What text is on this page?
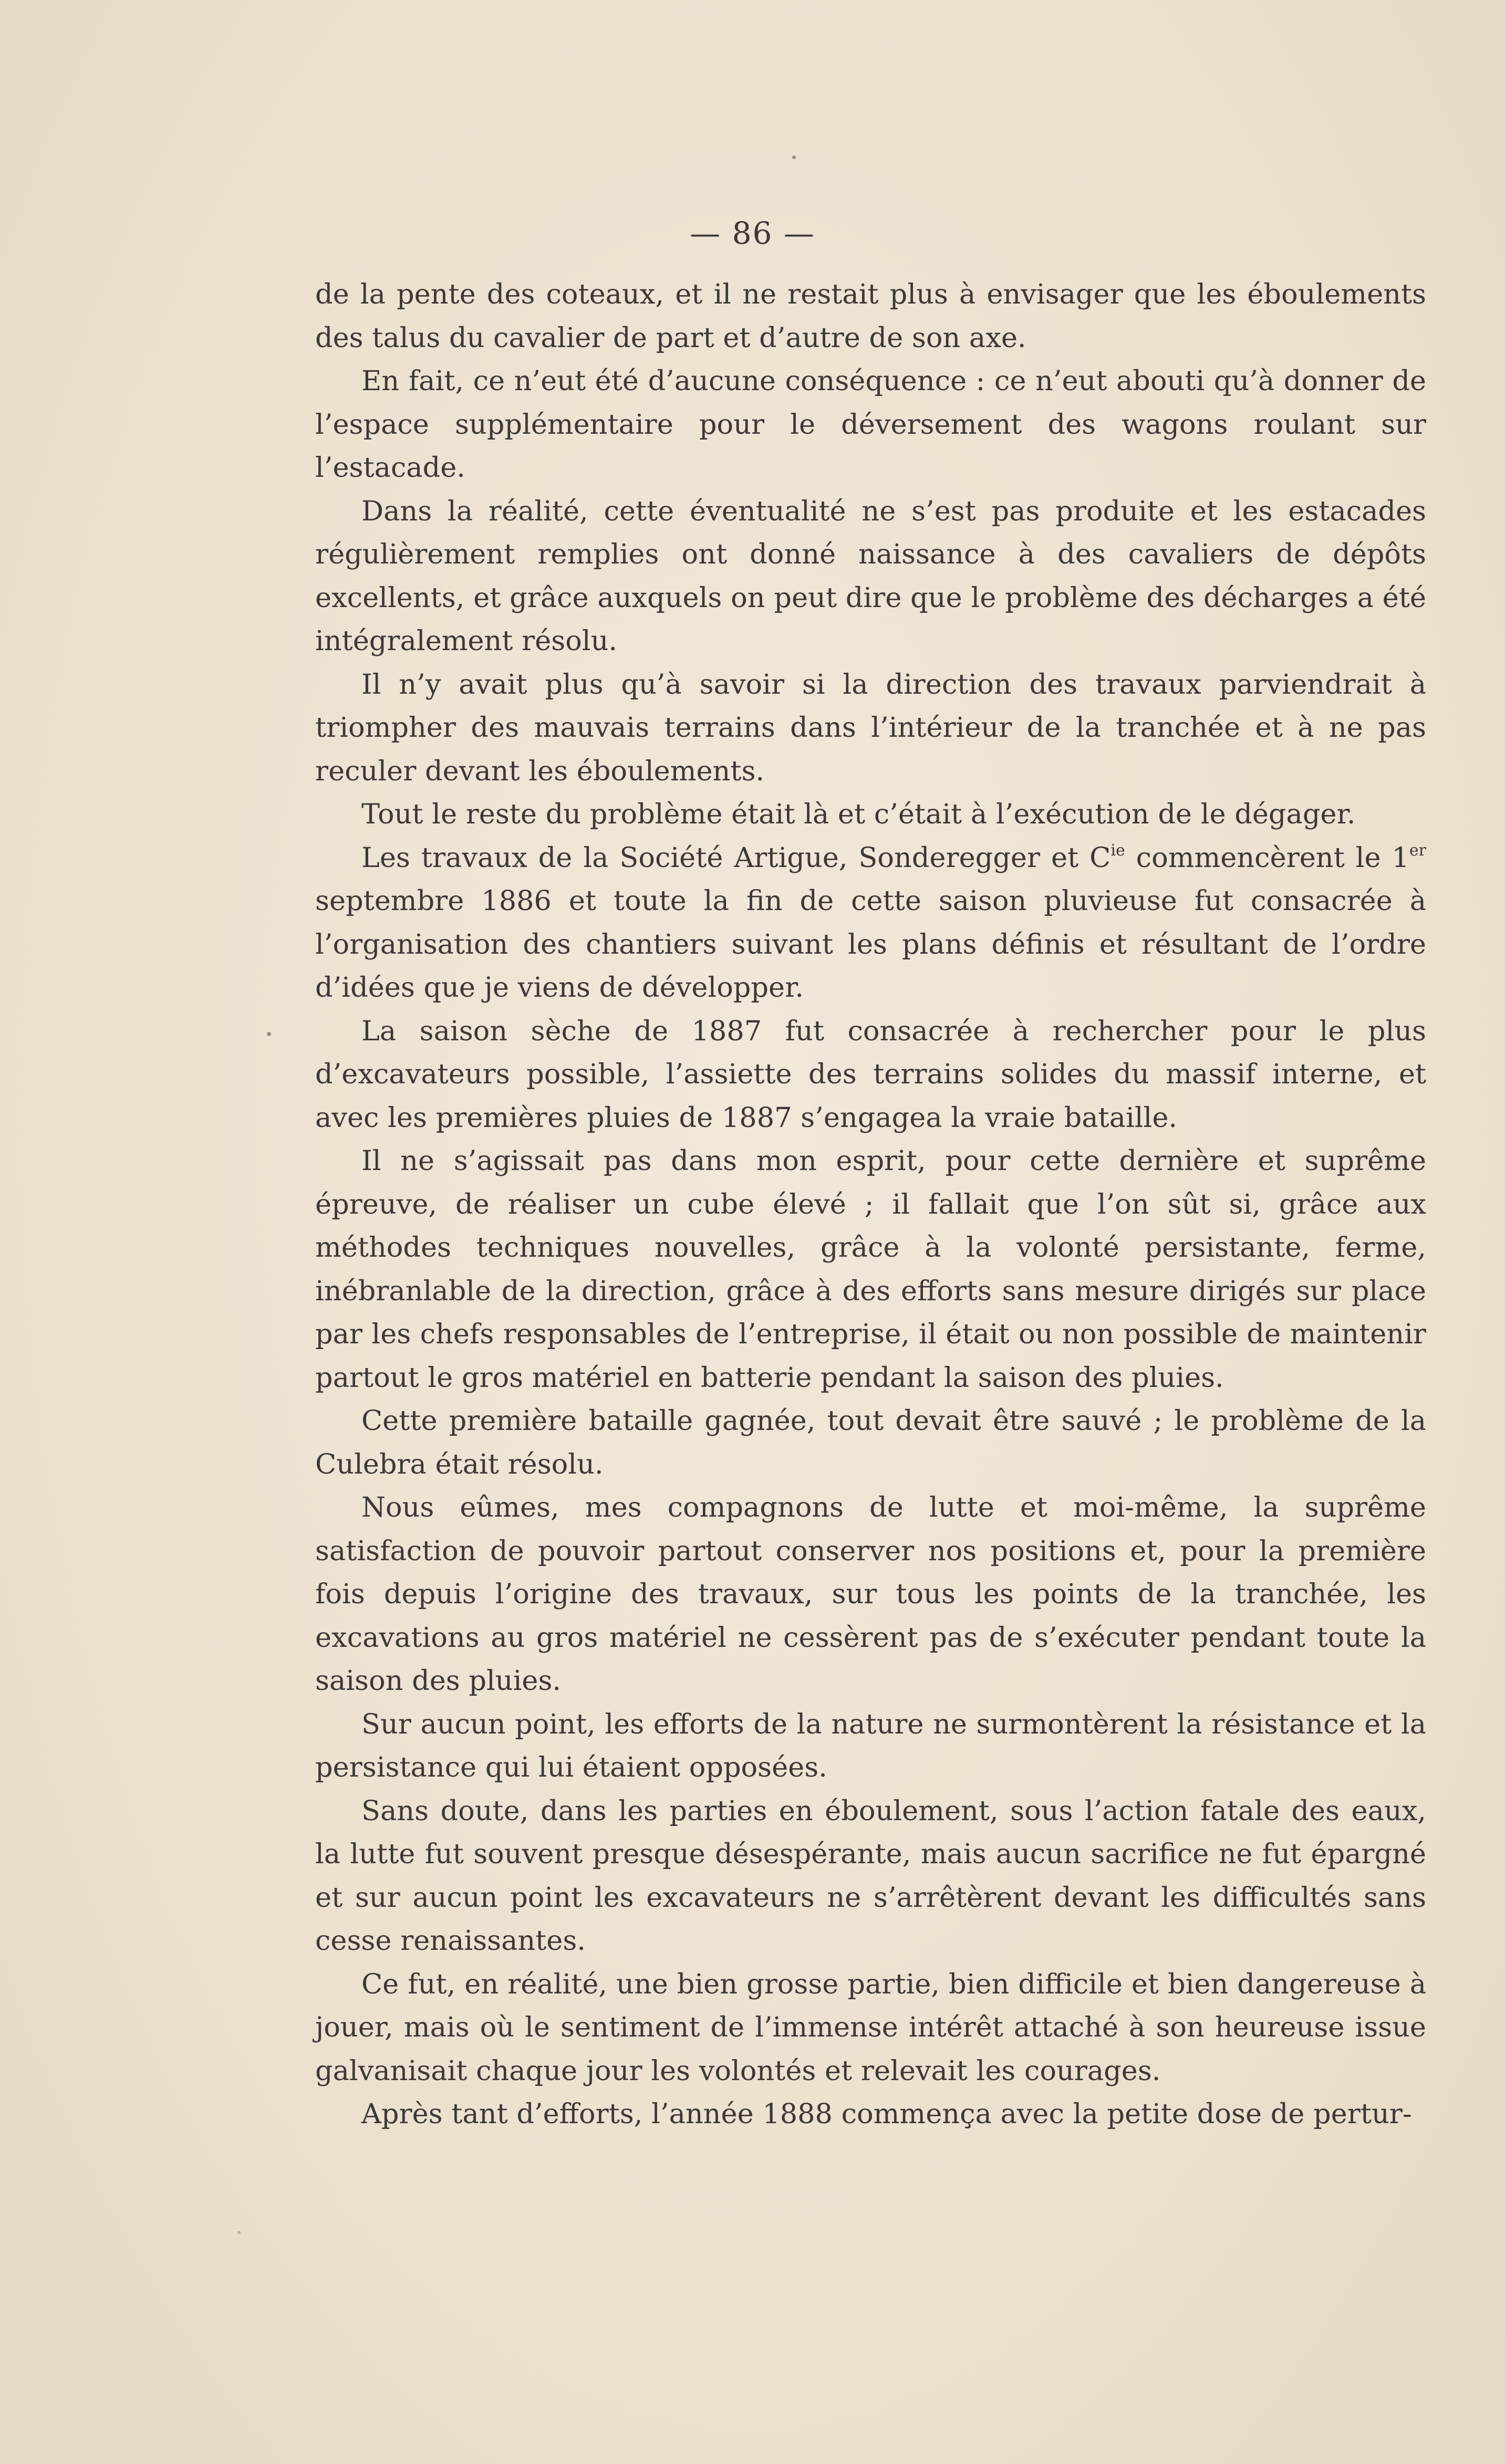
— 86 —

de la pente des coteaux, et il ne restait plus à envisager que les éboulements des talus du cavalier de part et d’autre de son axe.

En fait, ce n’eut été d’aucune conséquence : ce n’eut abouti qu’à donner de l’espace supplémentaire pour le déversement des wagons roulant sur l’estacade.

Dans la réalité, cette éventualité ne s’est pas produite et les estacades régulièrement remplies ont donné naissance à des cavaliers de dépôts excellents, et grâce auxquels on peut dire que le problème des décharges a été intégralement résolu.

Il n’y avait plus qu’à savoir si la direction des travaux parviendrait à triompher des mauvais terrains dans l’intérieur de la tranchée et à ne pas reculer devant les éboulements.

Tout le reste du problème était là et c’était à l’exécution de le dégager.

Les travaux de la Société Artigue, Sonderegger et $C^{ie}$ commencèrent le 1er septembre 1886 et toute la fin de cette saison pluvieuse fut consacrée à l’organisation des chantiers suivant les plans définis et résultant de l’ordre d’idées que je viens de développer.

La saison sèche de 1887 fut consacrée à rechercher pour le plus d’excavateurs possible, l’assiette des terrains solides du massif interne, et avec les premières pluies de 1887 s’engagea la vraie bataille.

Il ne s’agissait pas dans mon esprit, pour cette dernière et suprême épreuve, de réaliser un cube élevé ; il fallait que l’on sût si, grâce aux méthodes techniques nouvelles, grâce à la volonté persistante, ferme, inébranlable de la direction, grâce à des efforts sans mesure dirigés sur place par les chefs responsables de l’entreprise, il était ou non possible de maintenir partout le gros matériel en batterie pendant la saison des pluies.

Cette première bataille gagnée, tout devait être sauvé ; le problème de la Culebra était résolu.

Nous eûmes, mes compagnons de lutte et moi-même, la suprême satisfaction de pouvoir partout conserver nos positions et, pour la première fois depuis l’origine des travaux, sur tous les points de la tranchée, les excavations au gros matériel ne cessèrent pas de s’exécuter pendant toute la saison des pluies.

Sur aucun point, les efforts de la nature ne surmontèrent la résistance et la persistance qui lui étaient opposées.

Sans doute, dans les parties en éboulement, sous l’action fatale des eaux, la lutte fut souvent presque désespérante, mais aucun sacrifice ne fut épargné et sur aucun point les excavateurs ne s’arrêtèrent devant les difficultés sans cesse renaissantes.

Ce fut, en réalité, une bien grosse partie, bien difficile et bien dangereuse à jouer, mais où le sentiment de l’immense intérêt attaché à son heureuse issue galvanisait chaque jour les volontés et relevait les courages.

Après tant d’efforts, l’année 1888 commença avec la petite dose de pertur-
